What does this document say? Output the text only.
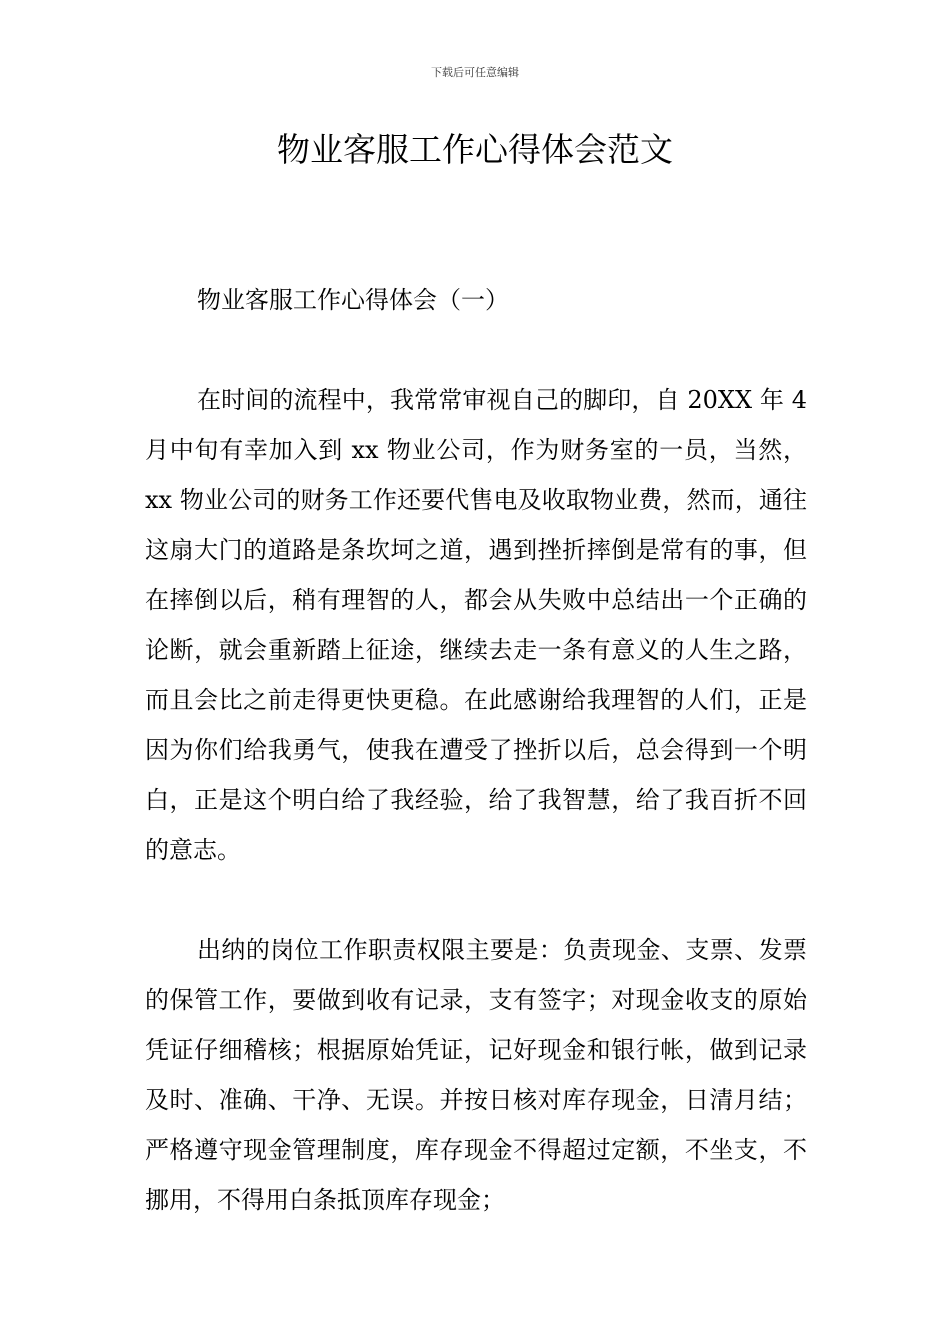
下载后可任意编辑
物业客服工作心得体会范文

物业客服工作心得体会（一）

在时间的流程中，我常常审视自己的脚印，自 20XX 年 4 月中旬有幸加入到 xx 物业公司，作为财务室的一员，当然，xx 物业公司的财务工作还要代售电及收取物业费，然而，通往这扇大门的道路是条坎坷之道，遇到挫折摔倒是常有的事，但在摔倒以后，稍有理智的人，都会从失败中总结出一个正确的论断，就会重新踏上征途，继续去走一条有意义的人生之路，而且会比之前走得更快更稳。在此感谢给我理智的人们，正是因为你们给我勇气，使我在遭受了挫折以后，总会得到一个明白，正是这个明白给了我经验，给了我智慧，给了我百折不回的意志。

出纳的岗位工作职责权限主要是：负责现金、支票、发票的保管工作，要做到收有记录，支有签字；对现金收支的原始凭证仔细稽核；根据原始凭证，记好现金和银行帐，做到记录及时、准确、干净、无误。并按日核对库存现金，日清月结；严格遵守现金管理制度，库存现金不得超过定额，不坐支，不挪用，不得用白条抵顶库存现金；
